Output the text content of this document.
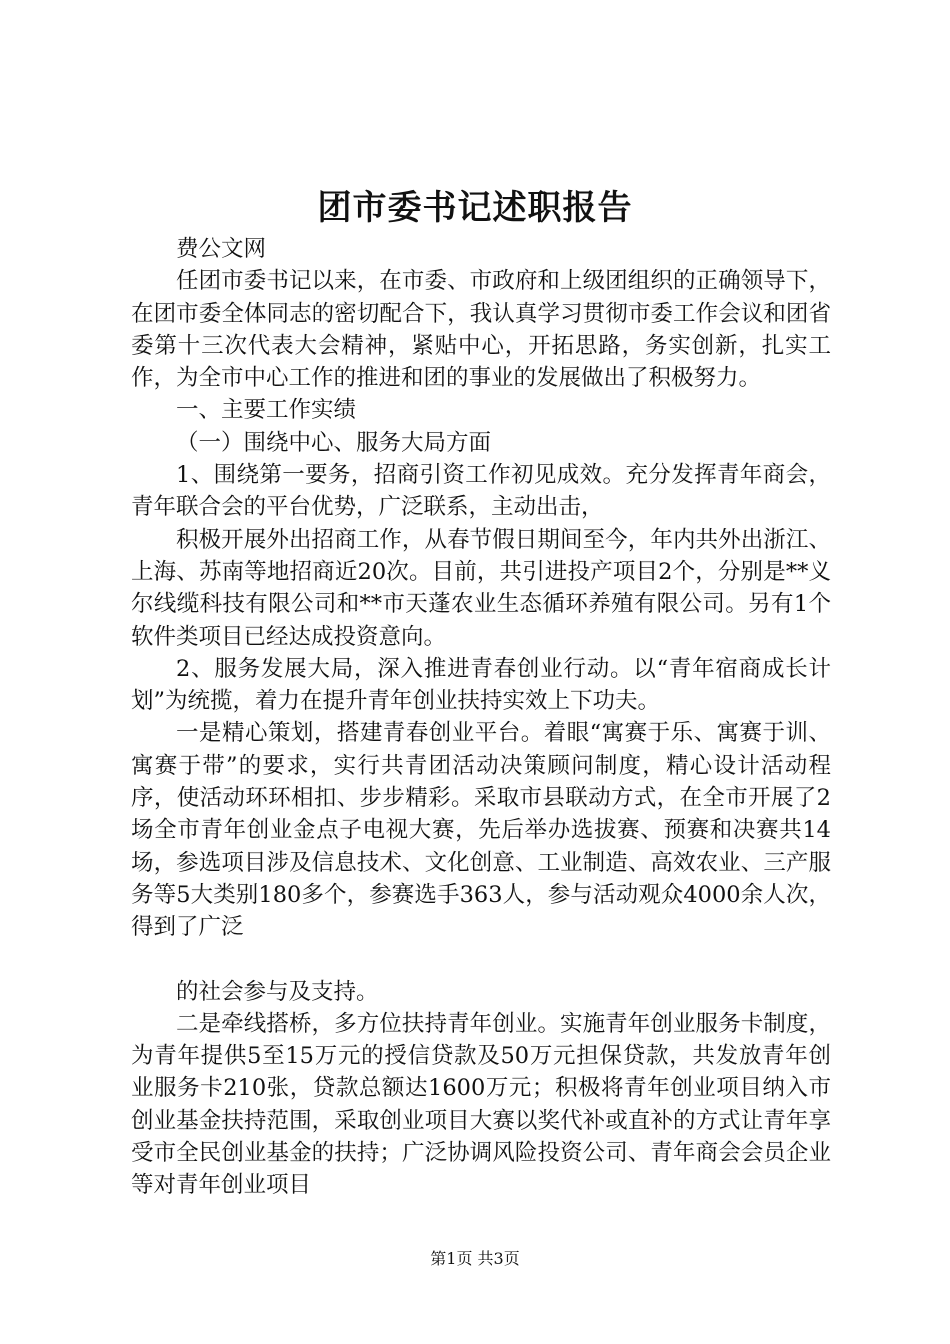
团市委书记述职报告

费公文网

任团市委书记以来，在市委、市政府和上级团组织的正确领导下，在团市委全体同志的密切配合下，我认真学习贯彻市委工作会议和团省委第十三次代表大会精神，紧贴中心，开拓思路，务实创新，扎实工作，为全市中心工作的推进和团的事业的发展做出了积极努力。

一、主要工作实绩

（一）围绕中心、服务大局方面

1、围绕第一要务，招商引资工作初见成效。充分发挥青年商会，青年联合会的平台优势，广泛联系，主动出击，

积极开展外出招商工作，从春节假日期间至今，年内共外出浙江、上海、苏南等地招商近20次。目前，共引进投产项目2个，分别是**义尔线缆科技有限公司和**市天蓬农业生态循环养殖有限公司。另有1个软件类项目已经达成投资意向。

2、服务发展大局，深入推进青春创业行动。以“青年宿商成长计划”为统揽，着力在提升青年创业扶持实效上下功夫。

一是精心策划，搭建青春创业平台。着眼“寓赛于乐、寓赛于训、寓赛于带”的要求，实行共青团活动决策顾问制度，精心设计活动程序，使活动环环相扣、步步精彩。采取市县联动方式，在全市开展了2场全市青年创业金点子电视大赛，先后举办选拔赛、预赛和决赛共14场，参选项目涉及信息技术、文化创意、工业制造、高效农业、三产服务等5大类别180多个，参赛选手363人，参与活动观众4000余人次，得到了广泛

的社会参与及支持。

二是牵线搭桥，多方位扶持青年创业。实施青年创业服务卡制度，为青年提供5至15万元的授信贷款及50万元担保贷款，共发放青年创业服务卡210张，贷款总额达1600万元；积极将青年创业项目纳入市创业基金扶持范围，采取创业项目大赛以奖代补或直补的方式让青年享受市全民创业基金的扶持；广泛协调风险投资公司、青年商会会员企业等对青年创业项目

第1页 共3页
